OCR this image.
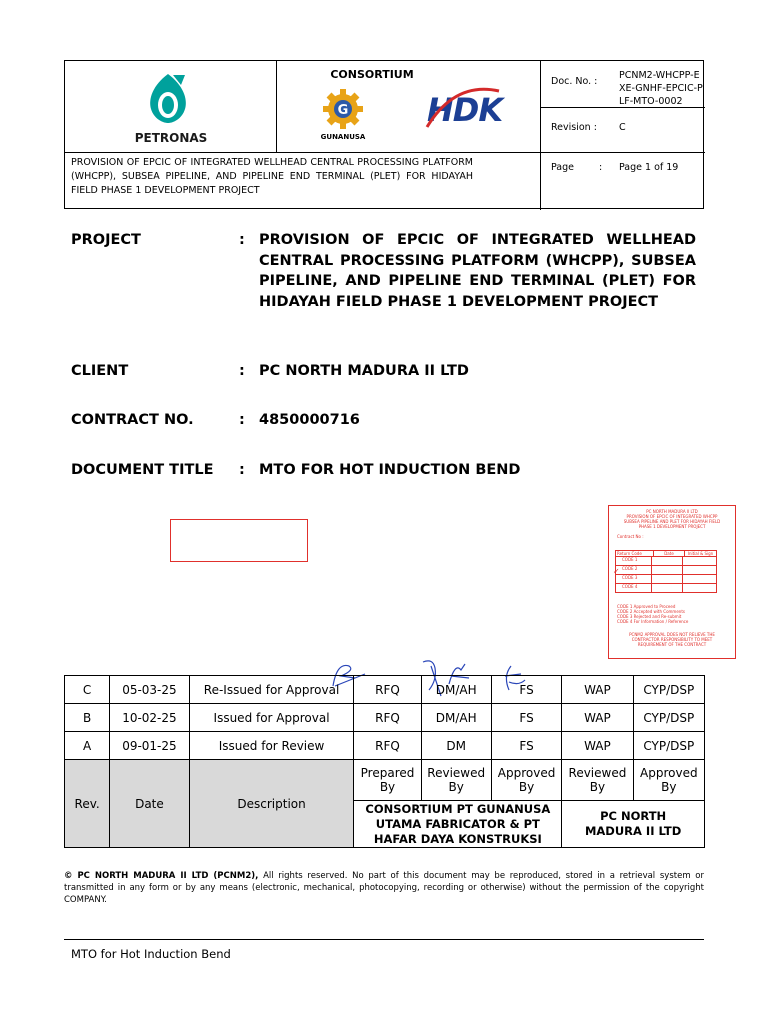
PETRONAS
CONSORTIUM
G
GUNANUSA
HDK
PROVISION OF EPCIC OF INTEGRATED WELLHEAD CENTRAL PROCESSING PLATFORM (WHCPP), SUBSEA PIPELINE, AND PIPELINE END TERMINAL (PLET) FOR HIDAYAH FIELD PHASE 1 DEVELOPMENT PROJECT
Doc. No. :
PCNM2-WHCPP-EXE-GNHF-EPCIC-PLF-MTO-0002
Revision : C
Page	: Page 1 of 19
PROJECT	: PROVISION OF EPCIC OF INTEGRATED WELLHEAD CENTRAL PROCESSING PLATFORM (WHCPP), SUBSEA PIPELINE, AND PIPELINE END TERMINAL (PLET) FOR HIDAYAH FIELD PHASE 1 DEVELOPMENT PROJECT
CLIENT	: PC NORTH MADURA II LTD
CONTRACT NO.	: 4850000716
DOCUMENT TITLE : MTO FOR HOT INDUCTION BEND
PC NORTH MADURA II LTD
PROVISION OF EPCIC OF INTEGRATED WHCPP SUBSEA PIPELINE AND PLET FOR HIDAYAH FIELD PHASE 1 DEVELOPMENT PROJECT
Contract No :
Return Code	Date	Initial & Sign
CODE 1
CODE 2
CODE 3
CODE 4
✓
CODE 1 Approved to Proceed
CODE 2 Accepted with Comments
CODE 3 Rejected and Re-submit
CODE 4 For Information / Reference
PCNM2 APPROVAL DOES NOT RELIEVE THE CONTRACTOR RESPONSIBILITY TO MEET REQUIREMENT OF THE CONTRACT
C	05-03-25	Re-Issued for Approval	RFQ	DM/AH	FS	WAP	CYP/DSP
B	10-02-25	Issued for Approval	RFQ	DM/AH	FS	WAP	CYP/DSP
A	09-01-25	Issued for Review	RFQ	DM	FS	WAP	CYP/DSP
Rev.	Date	Description	Prepared By	Reviewed By	Approved By	Reviewed By	Approved By
			CONSORTIUM PT GUNANUSA UTAMA FABRICATOR & PT HAFAR DAYA KONSTRUKSI			PC NORTH MADURA II LTD	
© PC NORTH MADURA II LTD (PCNM2), All rights reserved. No part of this document may be reproduced, stored in a retrieval system or transmitted in any form or by any means (electronic, mechanical, photocopying, recording or otherwise) without the permission of the copyright COMPANY.
MTO for Hot Induction Bend
